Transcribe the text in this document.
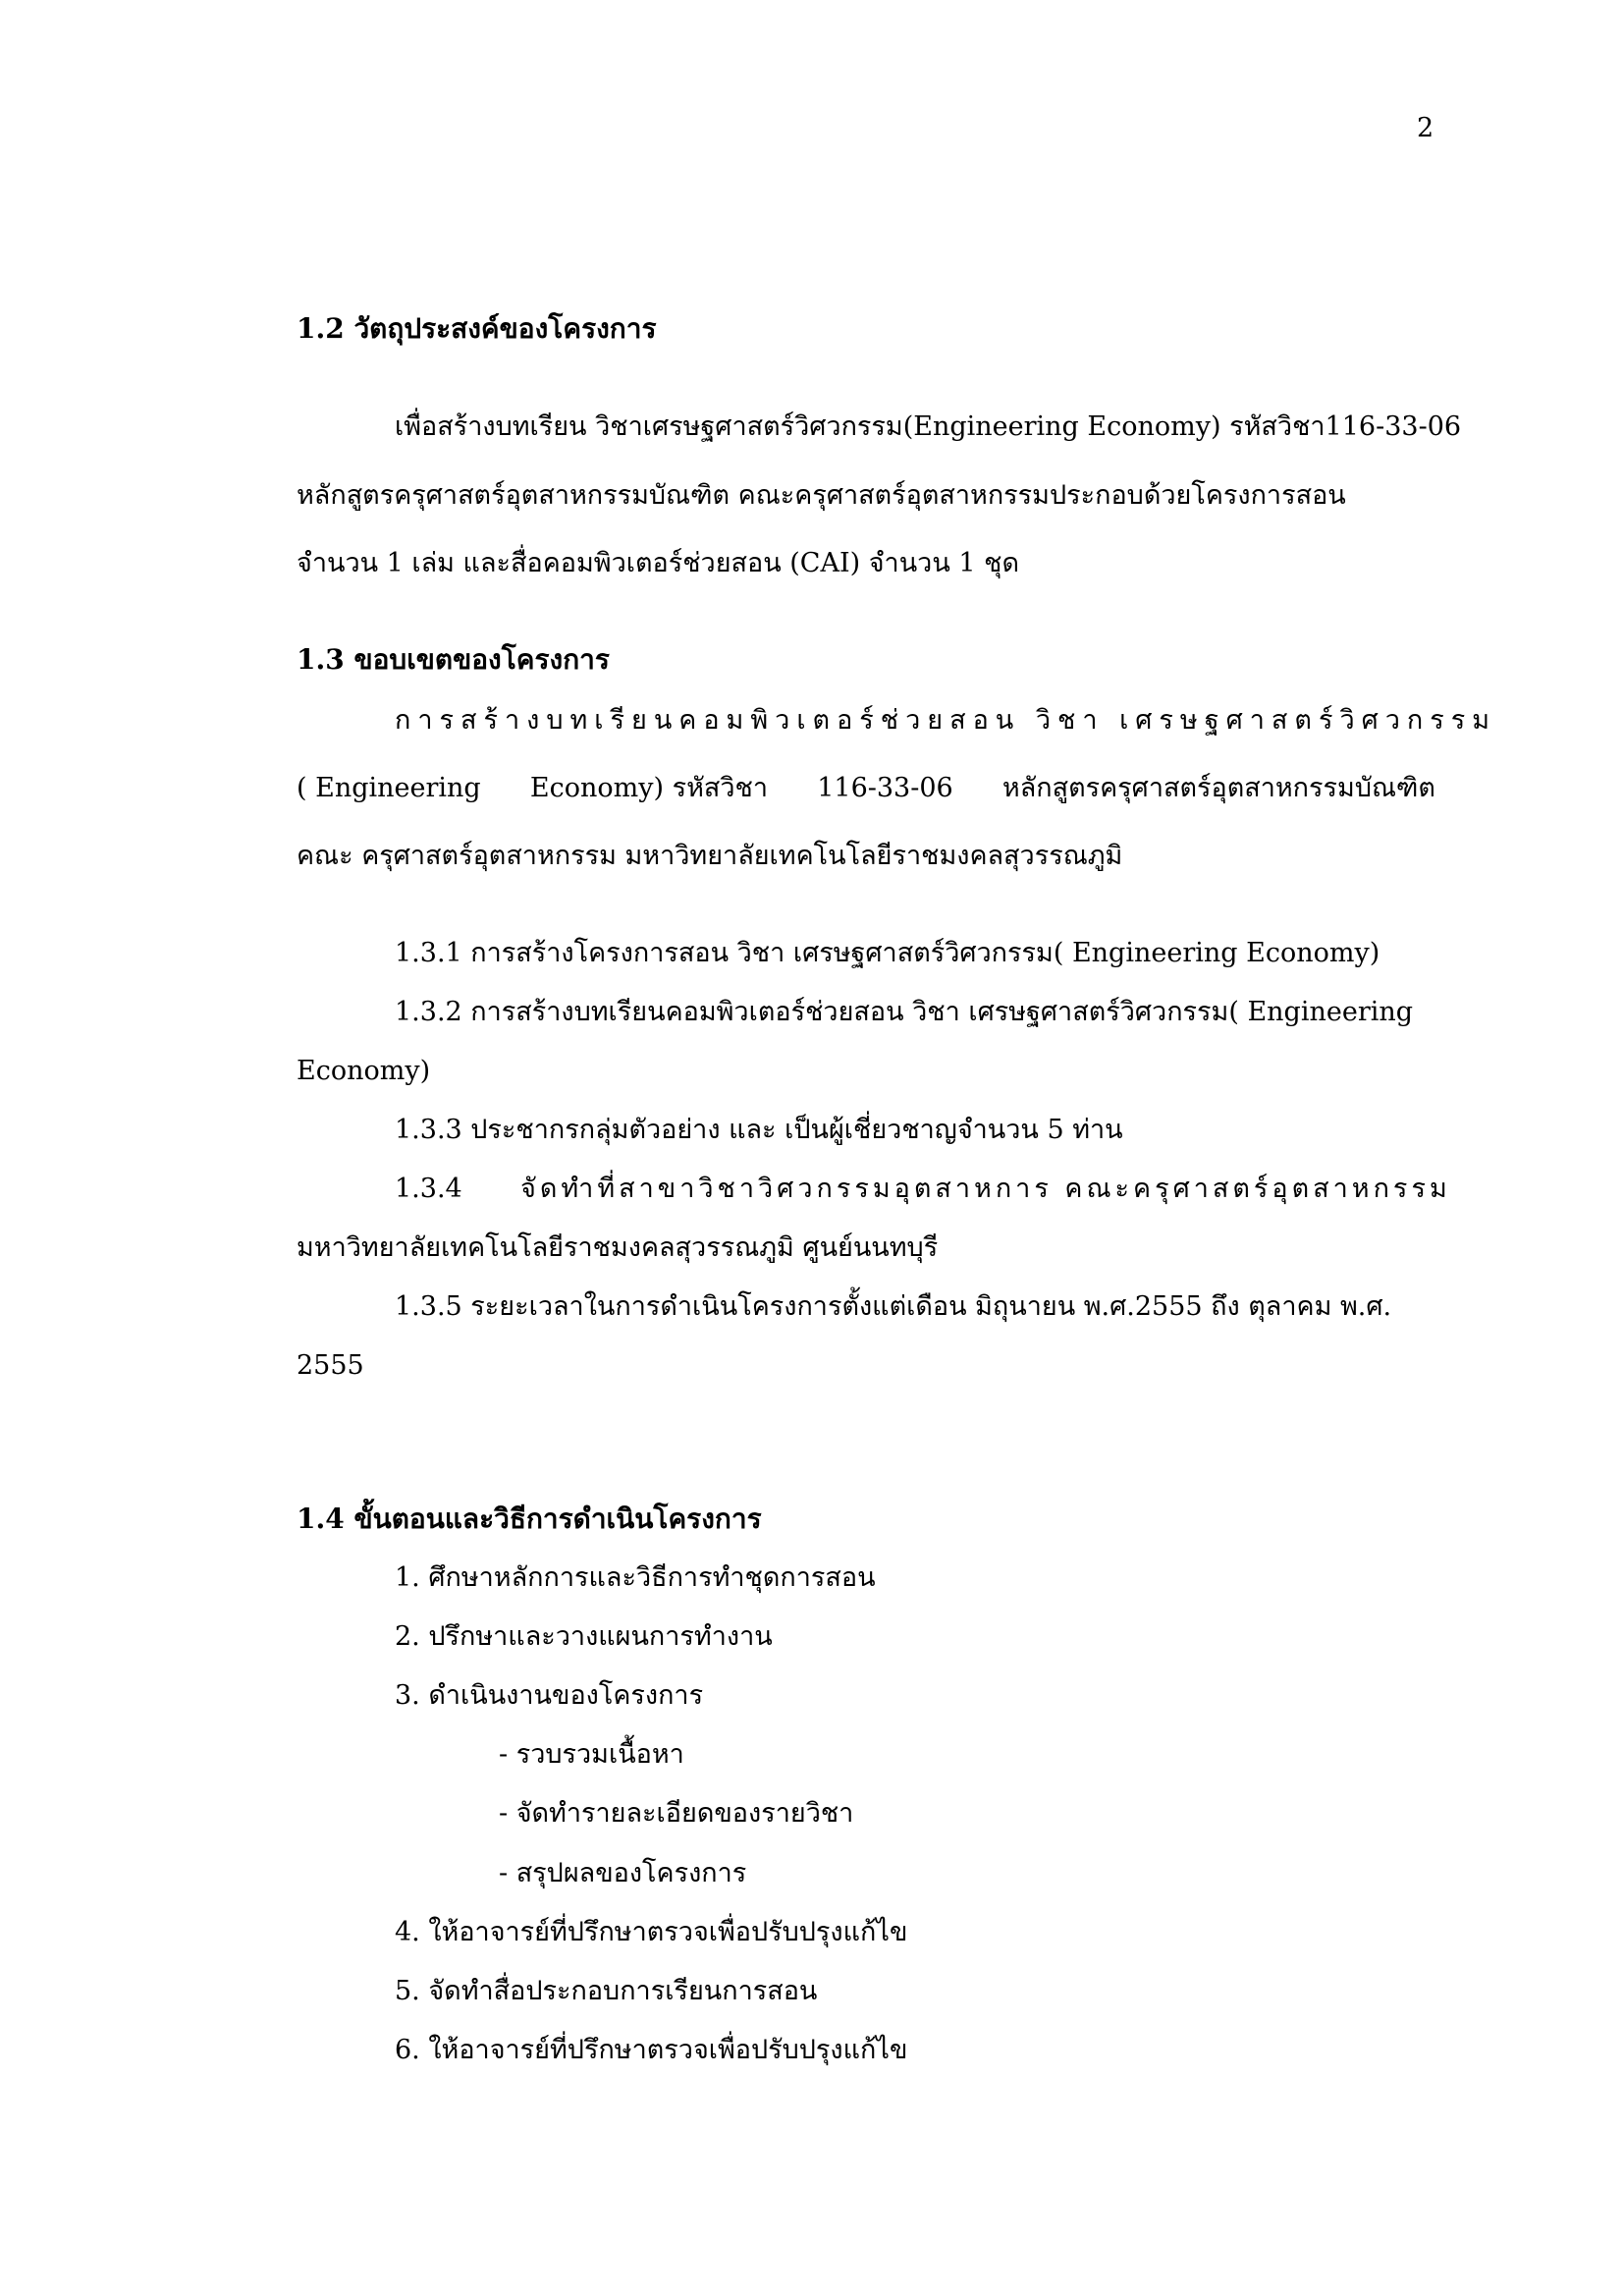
2
1.2 วัตถุประสงค์ของโครงการ
เพื่อสร้างบทเรียน วิชาเศรษฐศาสตร์วิศวกรรม(Engineering Economy) รหัสวิชา116-33-06
หลักสูตรครุศาสตร์อุตสาหกรรมบัณฑิต คณะครุศาสตร์อุตสาหกรรมประกอบด้วยโครงการสอน
จำนวน 1 เล่ม และสื่อคอมพิวเตอร์ช่วยสอน (CAI) จำนวน 1 ชุด
1.3 ขอบเขตของโครงการ
การสร้างบทเรียนคอมพิวเตอร์ช่วยสอน วิชา เศรษฐศาสตร์วิศวกรรม
( Engineering Economy) รหัสวิชา 116-33-06 หลักสูตรครุศาสตร์อุตสาหกรรมบัณฑิต
คณะ ครุศาสตร์อุตสาหกรรม มหาวิทยาลัยเทคโนโลยีราชมงคลสุวรรณภูมิ
1.3.1 การสร้างโครงการสอน วิชา เศรษฐศาสตร์วิศวกรรม( Engineering Economy)
1.3.2 การสร้างบทเรียนคอมพิวเตอร์ช่วยสอน วิชา เศรษฐศาสตร์วิศวกรรม( Engineering
Economy)
1.3.3 ประชากรกลุ่มตัวอย่าง และ เป็นผู้เชี่ยวชาญจำนวน 5 ท่าน
1.3.4 จัดทำที่สาขาวิชาวิศวกรรมอุตสาหการ คณะครุศาสตร์อุตสาหกรรม
มหาวิทยาลัยเทคโนโลยีราชมงคลสุวรรณภูมิ ศูนย์นนทบุรี
1.3.5 ระยะเวลาในการดำเนินโครงการตั้งแต่เดือน มิถุนายน พ.ศ.2555 ถึง ตุลาคม พ.ศ.
2555
1.4 ขั้นตอนและวิธีการดำเนินโครงการ
1. ศึกษาหลักการและวิธีการทำชุดการสอน
2. ปรึกษาและวางแผนการทำงาน
3. ดำเนินงานของโครงการ
- รวบรวมเนื้อหา
- จัดทำรายละเอียดของรายวิชา
- สรุปผลของโครงการ
4. ให้อาจารย์ที่ปรึกษาตรวจเพื่อปรับปรุงแก้ไข
5. จัดทำสื่อประกอบการเรียนการสอน
6. ให้อาจารย์ที่ปรึกษาตรวจเพื่อปรับปรุงแก้ไข
